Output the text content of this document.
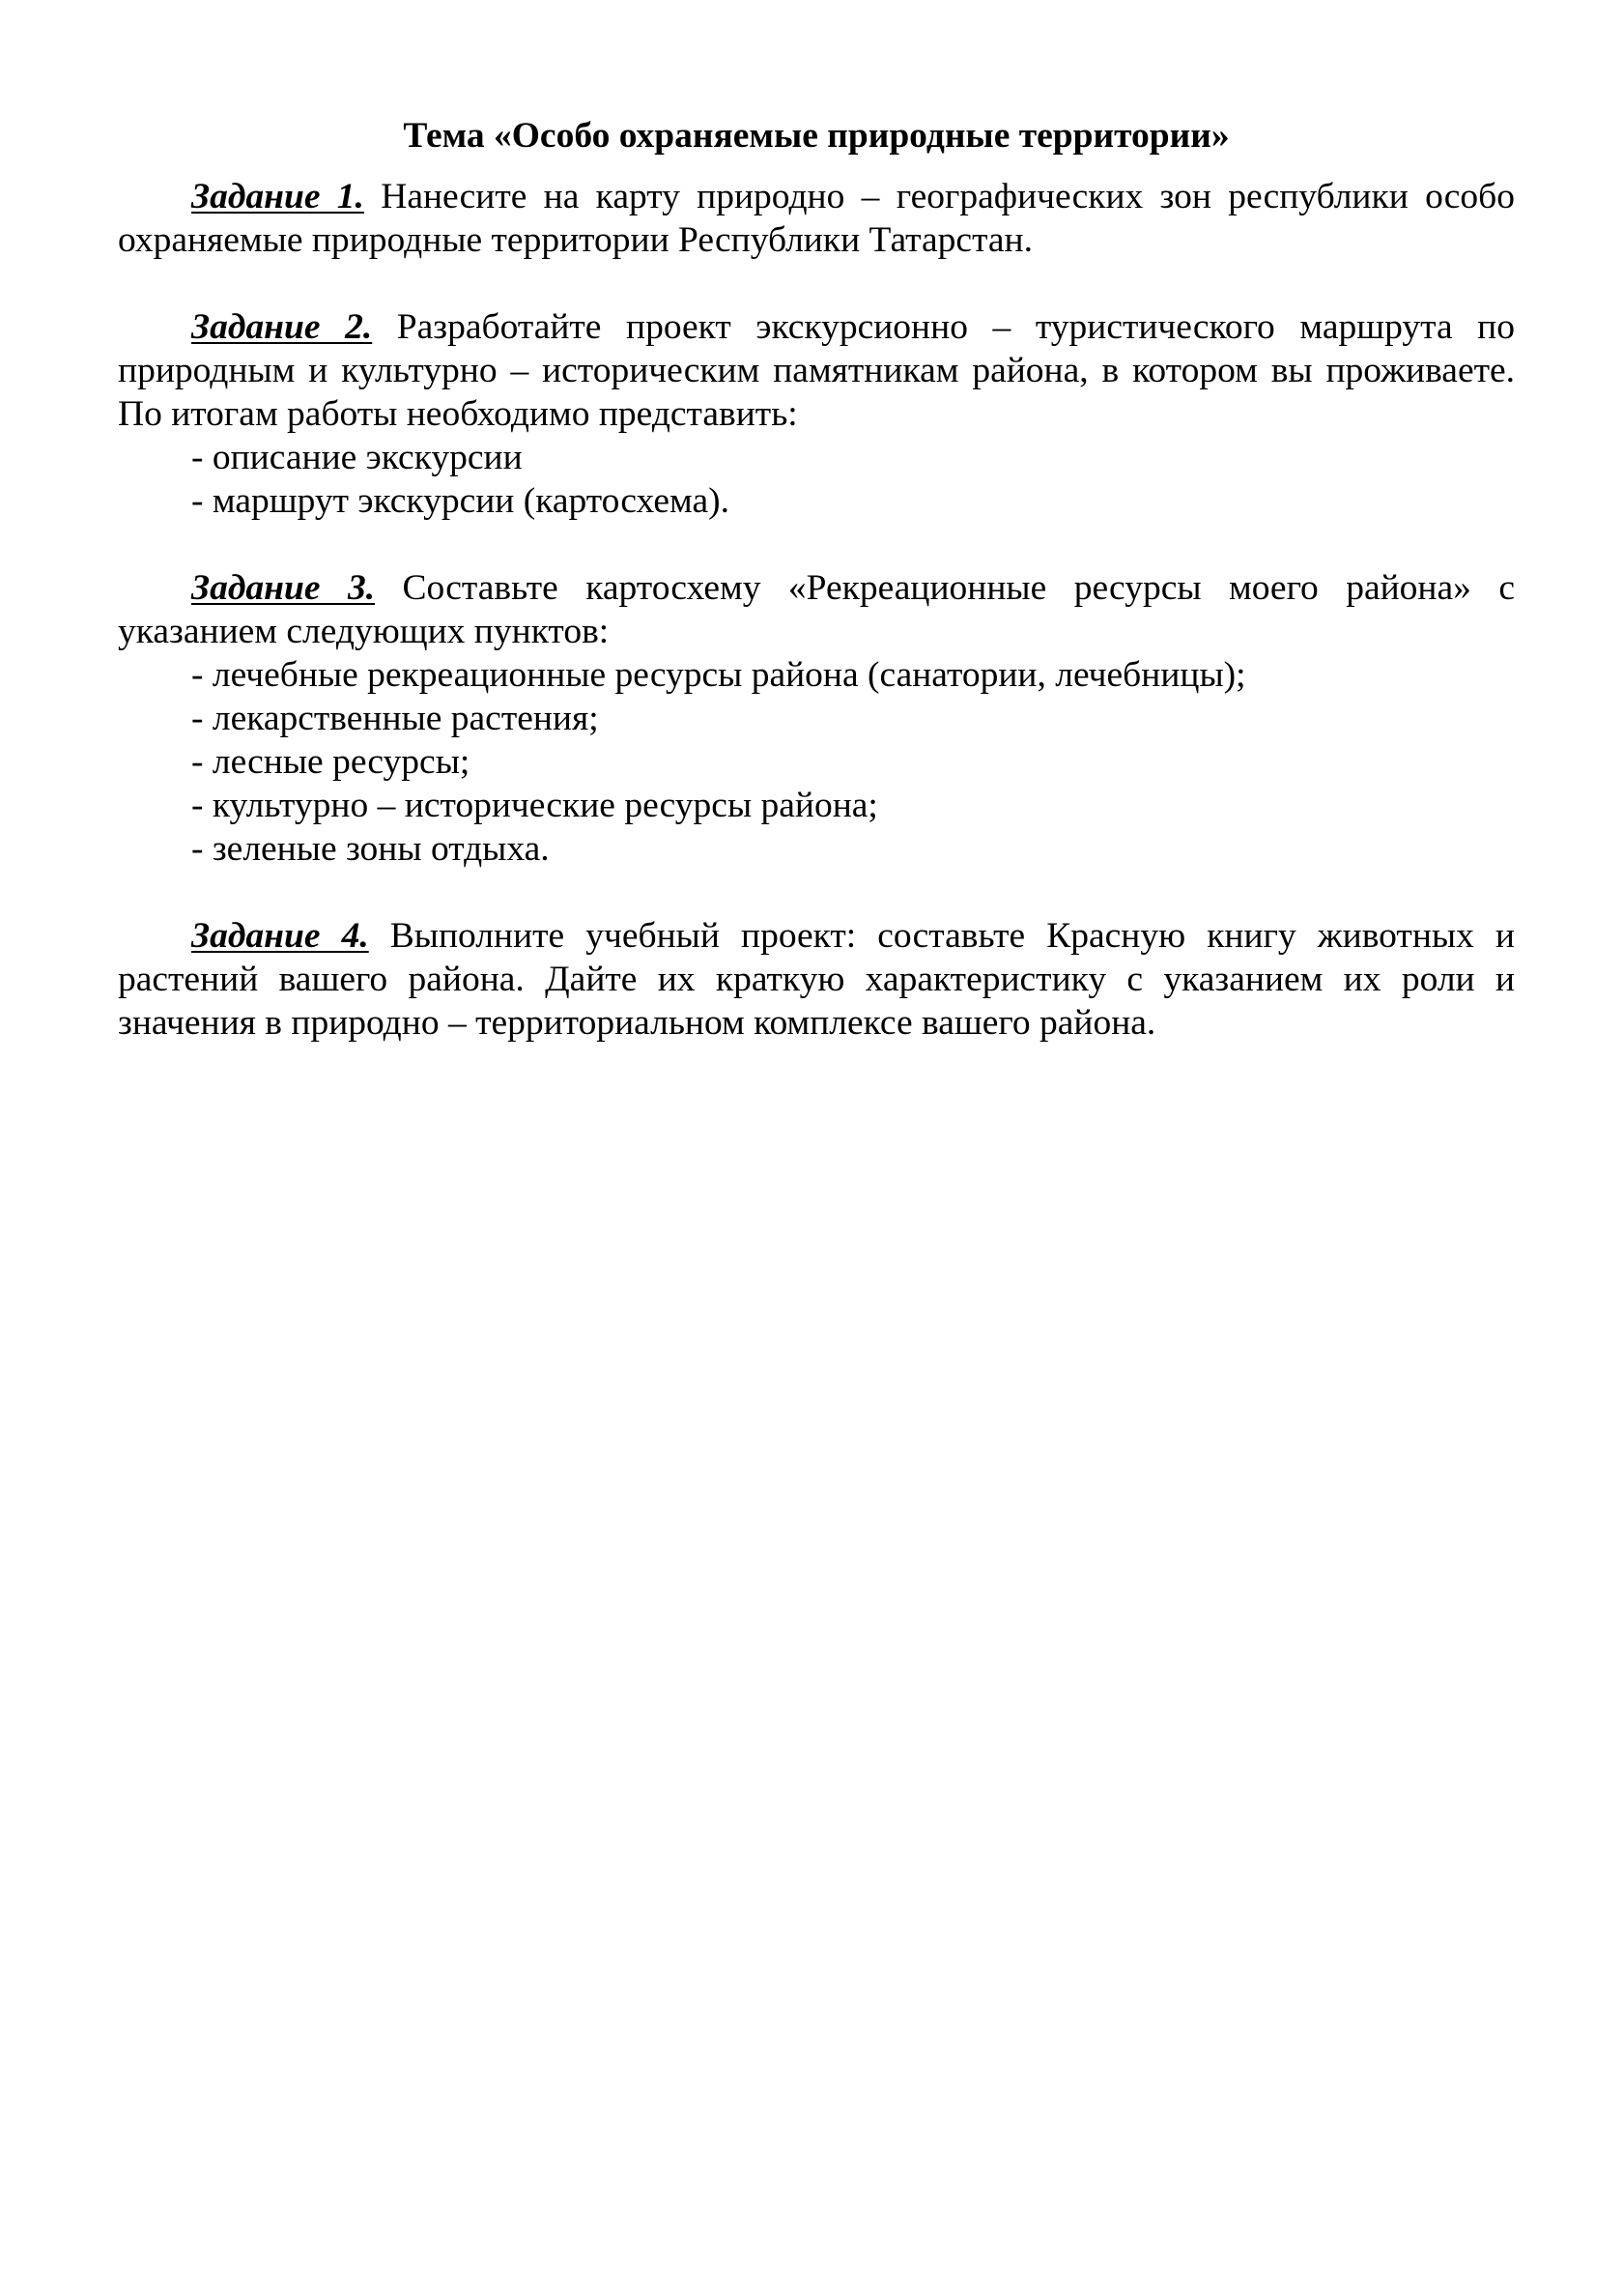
Тема «Особо охраняемые природные территории»

Задание 1. Нанесите на карту природно – географических зон республики особо охраняемые природные территории Республики Татарстан.

Задание 2. Разработайте проект экскурсионно – туристического маршрута по природным и культурно – историческим памятникам района, в котором вы проживаете. По итогам работы необходимо представить:

- описание экскурсии
- маршрут экскурсии (картосхема).

Задание 3. Составьте картосхему «Рекреационные ресурсы моего района» с указанием следующих пунктов:

- лечебные рекреационные ресурсы района (санатории, лечебницы);
- лекарственные растения;
- лесные ресурсы;
- культурно – исторические ресурсы района;
- зеленые зоны отдыха.

Задание 4. Выполните учебный проект: составьте Красную книгу животных и растений вашего района. Дайте их краткую характеристику с указанием их роли и значения в природно – территориальном комплексе вашего района.
